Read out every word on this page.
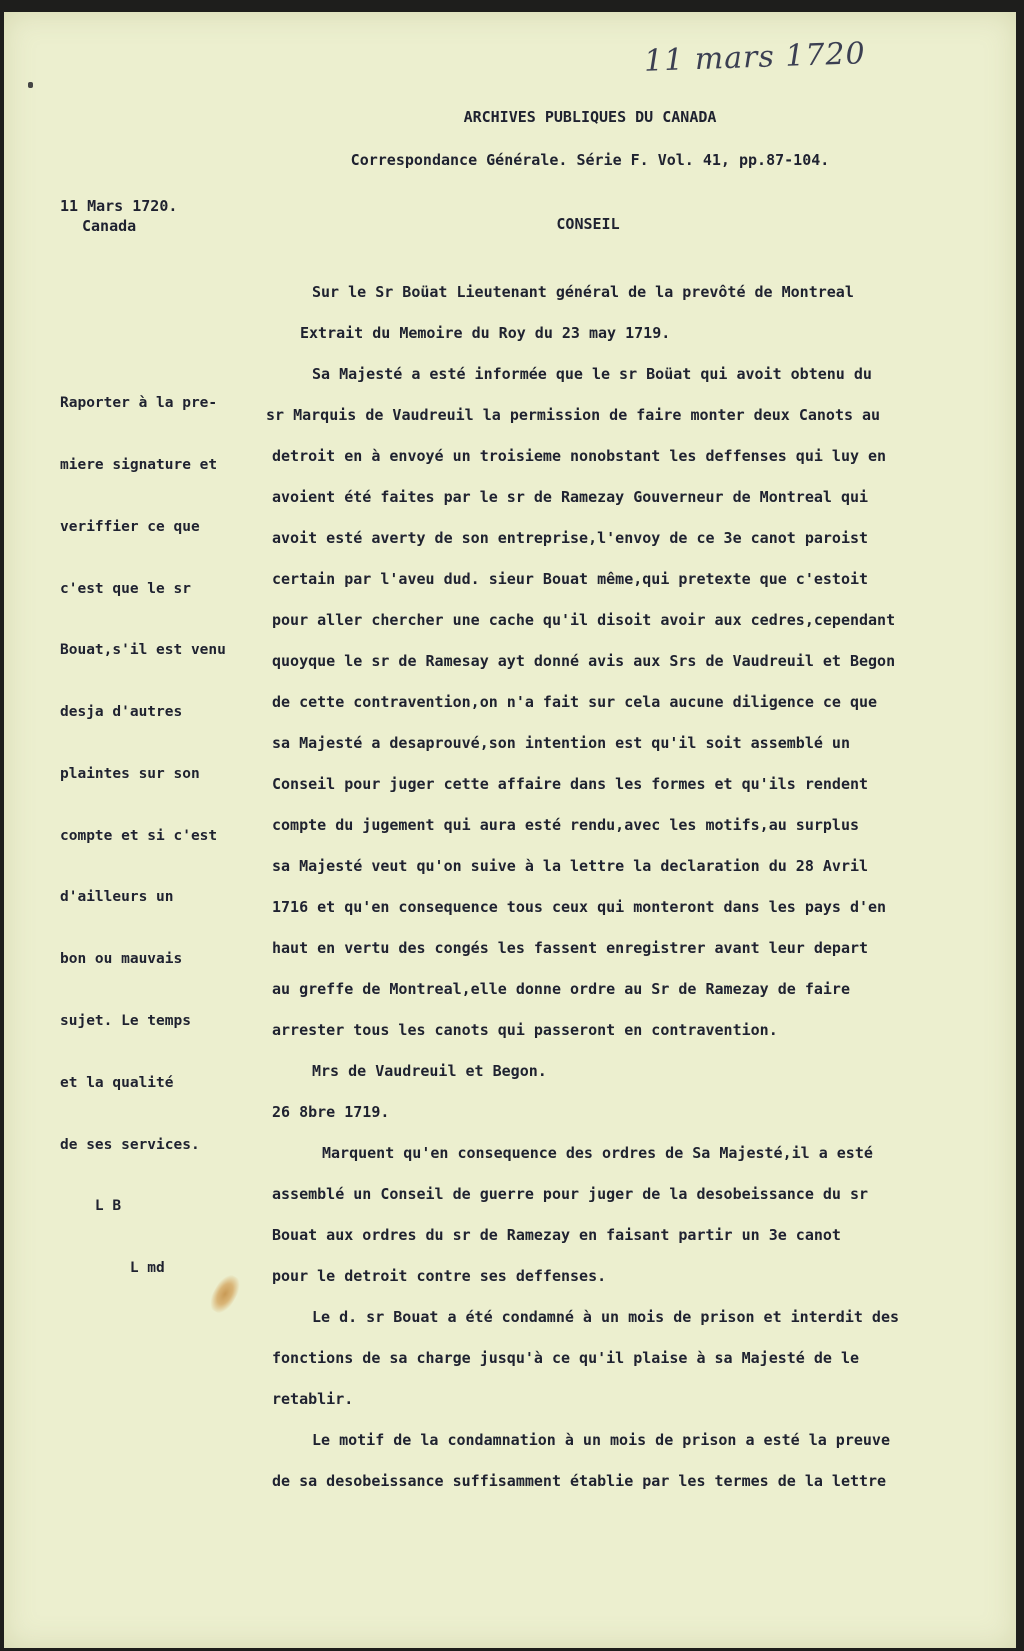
11 mars 1720
ARCHIVES PUBLIQUES DU CANADA
Correspondance Générale. Série F. Vol. 41, pp.87-104.
CONSEIL
11 Mars 1720.
Canada

Raporter à la pre-

miere signature et

veriffier ce que

c'est que le sr

Bouat,s'il est venu

desja d'autres

plaintes sur son

compte et si c'est

d'ailleurs un

bon ou mauvais

sujet. Le temps

et la qualité

de ses services.

L B

L md

Sur le Sr Boüat Lieutenant général de la prevôté de Montreal
Extrait du Memoire du Roy du 23 may 1719.
Sa Majesté a esté informée que le sr Boüat qui avoit obtenu du
sr Marquis de Vaudreuil la permission de faire monter deux Canots au
detroit en à envoyé un troisieme nonobstant les deffenses qui luy en
avoient été faites par le sr de Ramezay Gouverneur de Montreal qui
avoit esté averty de son entreprise,l'envoy de ce 3e canot paroist
certain par l'aveu dud. sieur Bouat même,qui pretexte que c'estoit
pour aller chercher une cache qu'il disoit avoir aux cedres,cependant
quoyque le sr de Ramesay ayt donné avis aux Srs de Vaudreuil et Begon
de cette contravention,on n'a fait sur cela aucune diligence ce que
sa Majesté a desaprouvé,son intention est qu'il soit assemblé un
Conseil pour juger cette affaire dans les formes et qu'ils rendent
compte du jugement qui aura esté rendu,avec les motifs,au surplus
sa Majesté veut qu'on suive à la lettre la declaration du 28 Avril
1716 et qu'en consequence tous ceux qui monteront dans les pays d'en
haut en vertu des congés les fassent enregistrer avant leur depart
au greffe de Montreal,elle donne ordre au Sr de Ramezay de faire
arrester tous les canots qui passeront en contravention.
Mrs de Vaudreuil et Begon.
26 8bre 1719.
Marquent qu'en consequence des ordres de Sa Majesté,il a esté
assemblé un Conseil de guerre pour juger de la desobeissance du sr
Bouat aux ordres du sr de Ramezay en faisant partir un 3e canot
pour le detroit contre ses deffenses.
Le d. sr Bouat a été condamné à un mois de prison et interdit des
fonctions de sa charge jusqu'à ce qu'il plaise à sa Majesté de le
retablir.
Le motif de la condamnation à un mois de prison a esté la preuve
de sa desobeissance suffisamment établie par les termes de la lettre
